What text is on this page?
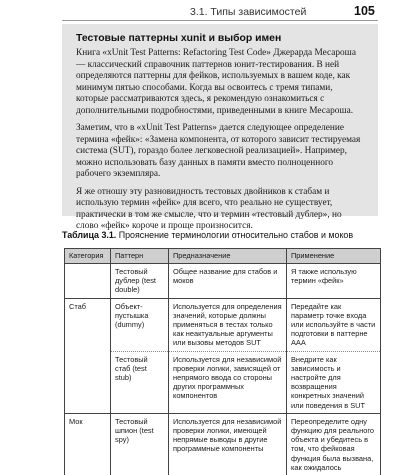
3.1. Типы зависимостей	105
Тестовые паттерны xunit и выбор имен

Книга «xUnit Test Patterns: Refactoring Test Code» Джерарда Месароша — классический справочник паттернов юнит-тестирования. В ней определяются паттерны для фейков, используемых в вашем коде, как минимум пятью способами. Когда вы освоитесь с тремя типами, которые рассматриваются здесь, я рекомендую ознакомиться с дополнительными подробностями, приведенными в книге Месароша.

Заметим, что в «xUnit Test Patterns» дается следующее определение термина «фейк»: «Замена компонента, от которого зависит тестируемая система (SUT), гораздо более легковесной реализацией». Например, можно использовать базу данных в памяти вместо полноценного рабочего экземпляра.

Я же отношу эту разновидность тестовых двойников к стабам и использую термин «фейк» для всего, что реально не существует, практически в том же смысле, что и термин «тестовый дублер», но слово «фейк» короче и проще произносится.

Таблица 3.1. Прояснение терминологии относительно стабов и моков
Категория	Паттерн	Предназначение	Применение
	Тестовый дублер (test double)	Общее название для стабов и моков	Я также использую термин «фейк»
Стаб	Объект-пустышка (dummy)	Используется для определения значений, которые должны применяться в тестах только как неактуальные аргументы или вызовы методов SUT	Передайте как параметр точке входа или используйте в части подготовки в паттерне AAA
	Тестовый стаб (test stub)	Используется для независимой проверки логики, зависящей от непрямого ввода со стороны других программных компонентов	Внедрите как зависимость и настройте для возвращения конкретных значений или поведения в SUT
Мок	Тестовый шпион (test spy)	Используется для независимой проверки логики, имеющей непрямые выводы в другие программные компоненты	Переопределите одну функцию для реального объекта и убедитесь в том, что фейковая функция была вызвана, как ожидалось
